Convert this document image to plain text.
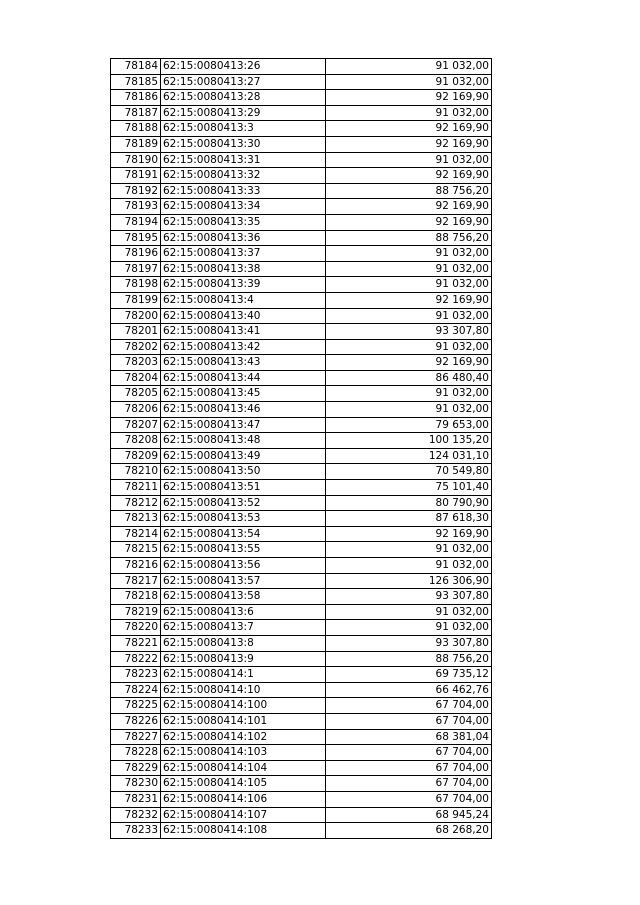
78184	62:15:0080413:26	91 032,00
78185	62:15:0080413:27	91 032,00
78186	62:15:0080413:28	92 169,90
78187	62:15:0080413:29	91 032,00
78188	62:15:0080413:3	92 169,90
78189	62:15:0080413:30	92 169,90
78190	62:15:0080413:31	91 032,00
78191	62:15:0080413:32	92 169,90
78192	62:15:0080413:33	88 756,20
78193	62:15:0080413:34	92 169,90
78194	62:15:0080413:35	92 169,90
78195	62:15:0080413:36	88 756,20
78196	62:15:0080413:37	91 032,00
78197	62:15:0080413:38	91 032,00
78198	62:15:0080413:39	91 032,00
78199	62:15:0080413:4	92 169,90
78200	62:15:0080413:40	91 032,00
78201	62:15:0080413:41	93 307,80
78202	62:15:0080413:42	91 032,00
78203	62:15:0080413:43	92 169,90
78204	62:15:0080413:44	86 480,40
78205	62:15:0080413:45	91 032,00
78206	62:15:0080413:46	91 032,00
78207	62:15:0080413:47	79 653,00
78208	62:15:0080413:48	100 135,20
78209	62:15:0080413:49	124 031,10
78210	62:15:0080413:50	70 549,80
78211	62:15:0080413:51	75 101,40
78212	62:15:0080413:52	80 790,90
78213	62:15:0080413:53	87 618,30
78214	62:15:0080413:54	92 169,90
78215	62:15:0080413:55	91 032,00
78216	62:15:0080413:56	91 032,00
78217	62:15:0080413:57	126 306,90
78218	62:15:0080413:58	93 307,80
78219	62:15:0080413:6	91 032,00
78220	62:15:0080413:7	91 032,00
78221	62:15:0080413:8	93 307,80
78222	62:15:0080413:9	88 756,20
78223	62:15:0080414:1	69 735,12
78224	62:15:0080414:10	66 462,76
78225	62:15:0080414:100	67 704,00
78226	62:15:0080414:101	67 704,00
78227	62:15:0080414:102	68 381,04
78228	62:15:0080414:103	67 704,00
78229	62:15:0080414:104	67 704,00
78230	62:15:0080414:105	67 704,00
78231	62:15:0080414:106	67 704,00
78232	62:15:0080414:107	68 945,24
78233	62:15:0080414:108	68 268,20
